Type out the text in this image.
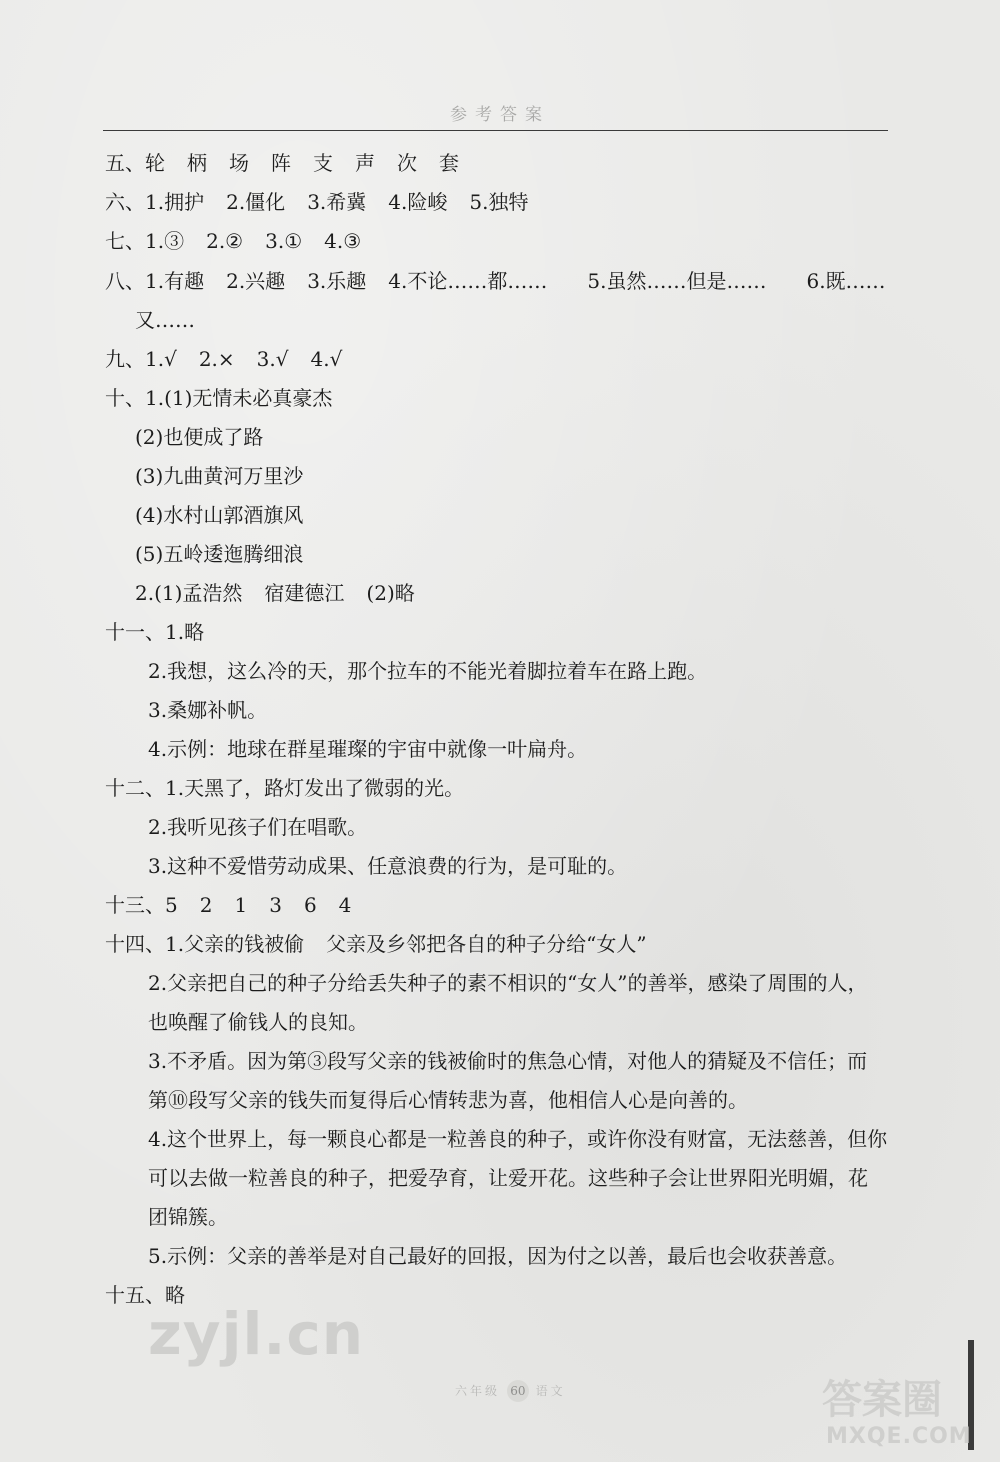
参考答案
五、轮 柄 场 阵 支 声 次 套
六、1.拥护 2.僵化 3.希冀 4.险峻 5.独特
七、1.③ 2.② 3.① 4.③
八、1.有趣 2.兴趣 3.乐趣 4.不论……都…… 5.虽然……但是…… 6.既……
又……
九、1.√ 2.× 3.√ 4.√
十、1.(1)无情未必真豪杰
(2)也便成了路
(3)九曲黄河万里沙
(4)水村山郭酒旗风
(5)五岭逶迤腾细浪
2.(1)孟浩然 宿建德江 (2)略
十一、1.略
2.我想，这么冷的天，那个拉车的不能光着脚拉着车在路上跑。
3.桑娜补帆。
4.示例：地球在群星璀璨的宇宙中就像一叶扁舟。
十二、1.天黑了，路灯发出了微弱的光。
2.我听见孩子们在唱歌。
3.这种不爱惜劳动成果、任意浪费的行为，是可耻的。
十三、5 2 1 3 6 4
十四、1.父亲的钱被偷 父亲及乡邻把各自的种子分给“女人”
2.父亲把自己的种子分给丢失种子的素不相识的“女人”的善举，感染了周围的人，
也唤醒了偷钱人的良知。
3.不矛盾。因为第③段写父亲的钱被偷时的焦急心情，对他人的猜疑及不信任；而
第⑩段写父亲的钱失而复得后心情转悲为喜，他相信人心是向善的。
4.这个世界上，每一颗良心都是一粒善良的种子，或许你没有财富，无法慈善，但你
可以去做一粒善良的种子，把爱孕育，让爱开花。这些种子会让世界阳光明媚，花
团锦簇。
5.示例：父亲的善举是对自己最好的回报，因为付之以善，最后也会收获善意。
十五、略
zyjl.cn
六年级 60 语文	答案圈
MXQE.COM
